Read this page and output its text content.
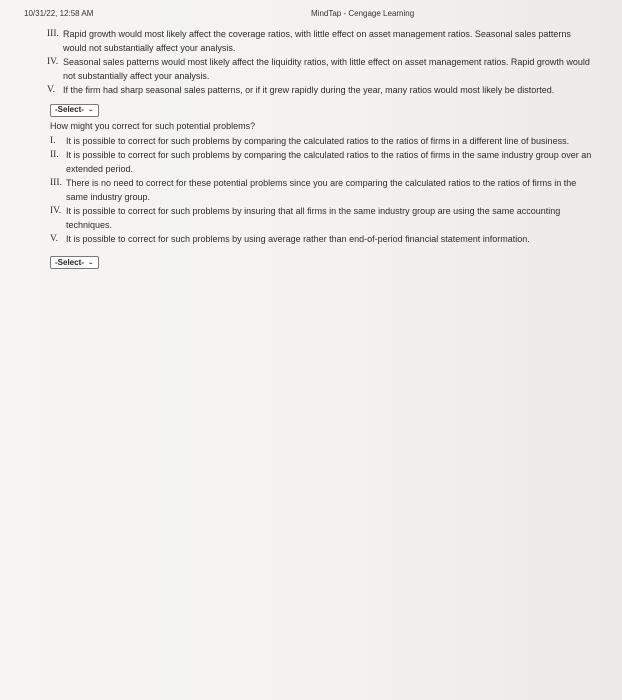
10/31/22, 12:58 AM	MindTap - Cengage Learning
III. Rapid growth would most likely affect the coverage ratios, with little effect on asset management ratios. Seasonal sales patterns would not substantially affect your analysis.
IV. Seasonal sales patterns would most likely affect the liquidity ratios, with little effect on asset management ratios. Rapid growth would not substantially affect your analysis.
V. If the firm had sharp seasonal sales patterns, or if it grew rapidly during the year, many ratios would most likely be distorted.
-Select- ⌄
How might you correct for such potential problems?
I. It is possible to correct for such problems by comparing the calculated ratios to the ratios of firms in a different line of business.
II. It is possible to correct for such problems by comparing the calculated ratios to the ratios of firms in the same industry group over an extended period.
III. There is no need to correct for these potential problems since you are comparing the calculated ratios to the ratios of firms in the same industry group.
IV. It is possible to correct for such problems by insuring that all firms in the same industry group are using the same accounting techniques.
V. It is possible to correct for such problems by using average rather than end-of-period financial statement information.
-Select- ⌄
